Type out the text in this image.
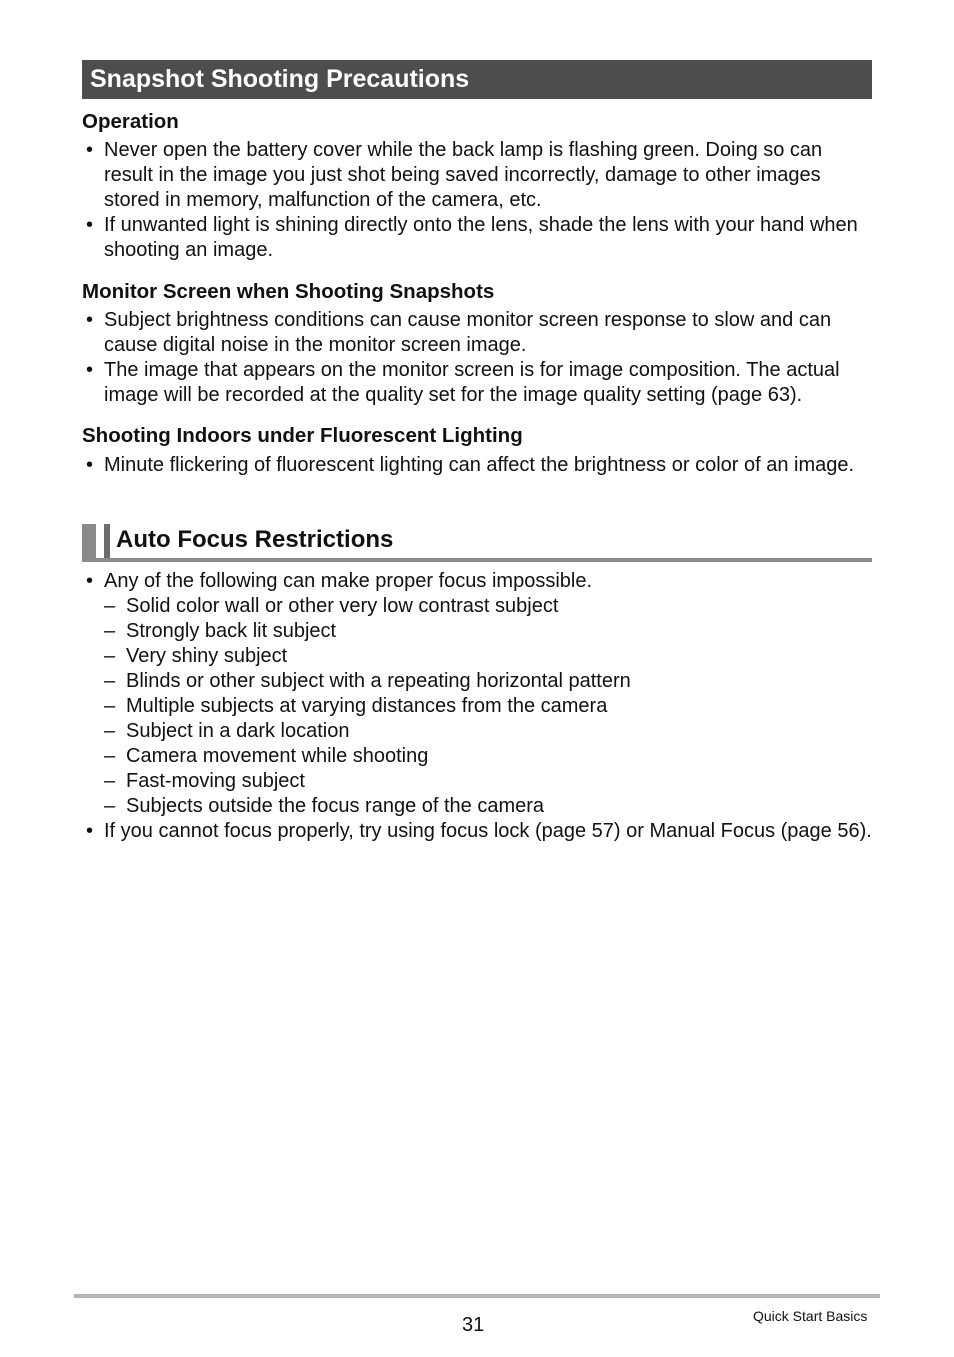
Snapshot Shooting Precautions
Operation
• Never open the battery cover while the back lamp is flashing green. Doing so can result in the image you just shot being saved incorrectly, damage to other images stored in memory, malfunction of the camera, etc.
• If unwanted light is shining directly onto the lens, shade the lens with your hand when shooting an image.
Monitor Screen when Shooting Snapshots
• Subject brightness conditions can cause monitor screen response to slow and can cause digital noise in the monitor screen image.
• The image that appears on the monitor screen is for image composition. The actual image will be recorded at the quality set for the image quality setting (page 63).
Shooting Indoors under Fluorescent Lighting
• Minute flickering of fluorescent lighting can affect the brightness or color of an image.
Auto Focus Restrictions
• Any of the following can make proper focus impossible.
– Solid color wall or other very low contrast subject
– Strongly back lit subject
– Very shiny subject
– Blinds or other subject with a repeating horizontal pattern
– Multiple subjects at varying distances from the camera
– Subject in a dark location
– Camera movement while shooting
– Fast-moving subject
– Subjects outside the focus range of the camera
• If you cannot focus properly, try using focus lock (page 57) or Manual Focus (page 56).
31	Quick Start Basics
